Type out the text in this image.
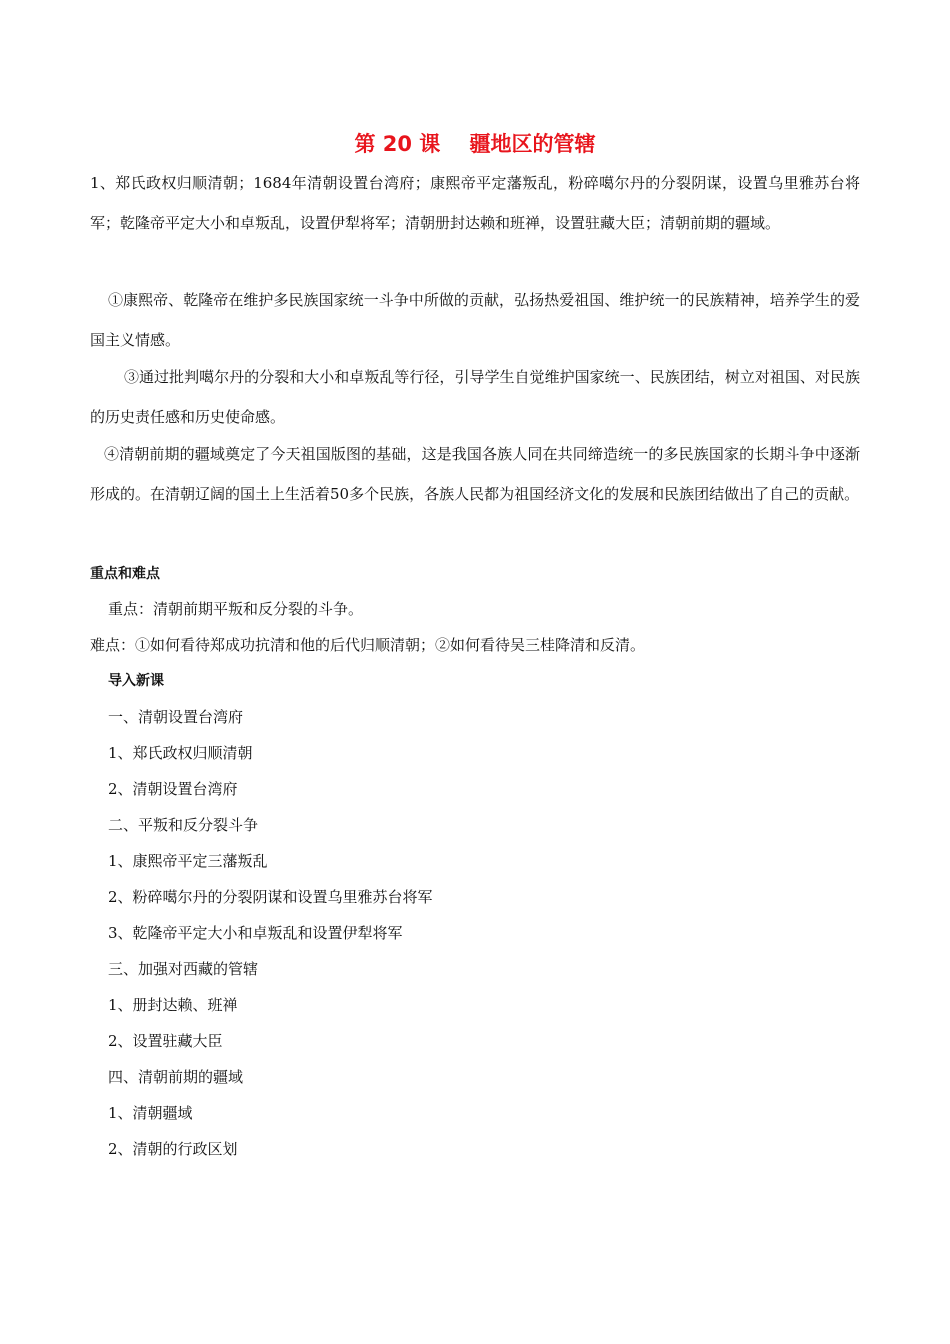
第 20 课    疆地区的管辖
1、郑氏政权归顺清朝；1684年清朝设置台湾府；康熙帝平定藩叛乱，粉碎噶尔丹的分裂阴谋，设置乌里雅苏台将军；乾隆帝平定大小和卓叛乱，设置伊犁将军；清朝册封达赖和班禅，设置驻藏大臣；清朝前期的疆域。
①康熙帝、乾隆帝在维护多民族国家统一斗争中所做的贡献，弘扬热爱祖国、维护统一的民族精神，培养学生的爱国主义情感。
③通过批判噶尔丹的分裂和大小和卓叛乱等行径，引导学生自觉维护国家统一、民族团结，树立对祖国、对民族的历史责任感和历史使命感。
④清朝前期的疆域奠定了今天祖国版图的基础，这是我国各族人同在共同缔造统一的多民族国家的长期斗争中逐渐形成的。在清朝辽阔的国土上生活着50多个民族，各族人民都为祖国经济文化的发展和民族团结做出了自己的贡献。
重点和难点
重点：清朝前期平叛和反分裂的斗争。
难点：①如何看待郑成功抗清和他的后代归顺清朝；②如何看待吴三桂降清和反清。
导入新课
一、清朝设置台湾府
1、郑氏政权归顺清朝
2、清朝设置台湾府
二、平叛和反分裂斗争
1、康熙帝平定三藩叛乱
2、粉碎噶尔丹的分裂阴谋和设置乌里雅苏台将军
3、乾隆帝平定大小和卓叛乱和设置伊犁将军
三、加强对西藏的管辖
1、册封达赖、班禅
2、设置驻藏大臣
四、清朝前期的疆域
1、清朝疆域
2、清朝的行政区划
